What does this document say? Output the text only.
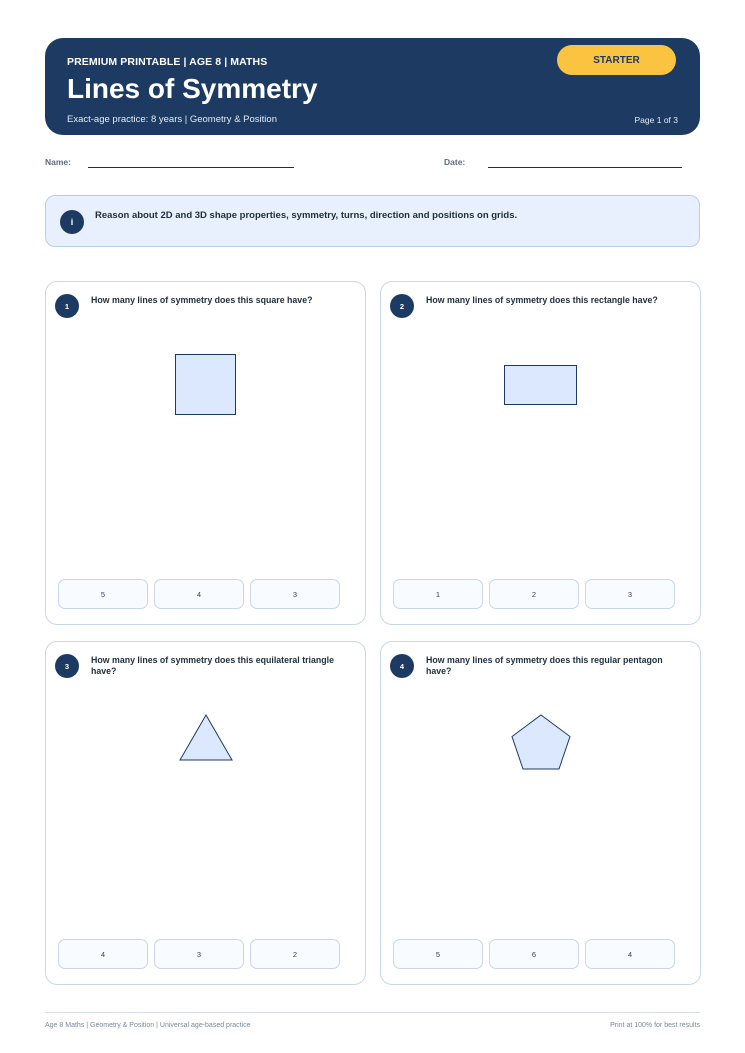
PREMIUM PRINTABLE | AGE 8 | MATHS
Lines of Symmetry
Exact-age practice: 8 years | Geometry & Position	Page 1 of 3
STARTER
Name:	Date:
i
Reason about 2D and 3D shape properties, symmetry, turns, direction and positions on grids.
1
How many lines of symmetry does this square have?
5	4	3
2
How many lines of symmetry does this rectangle have?
1	2	3
3
How many lines of symmetry does this equilateral triangle have?
4	3	2
4
How many lines of symmetry does this regular pentagon have?
5	6	4
Age 8 Maths | Geometry & Position | Universal age-based practice	Print at 100% for best results
